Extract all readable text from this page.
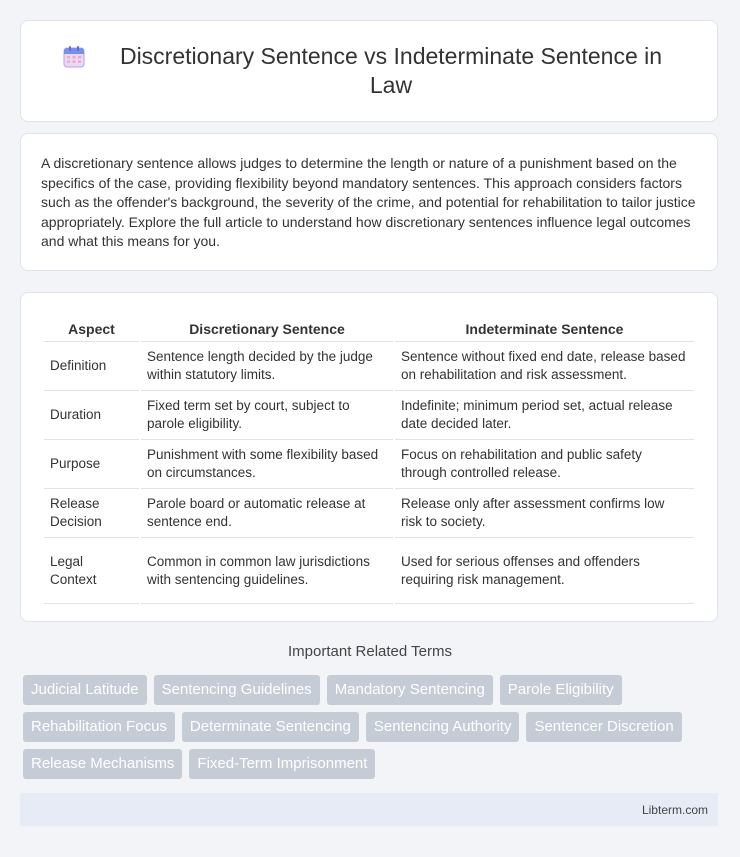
Discretionary Sentence vs Indeterminate Sentence in Law

A discretionary sentence allows judges to determine the length or nature of a punishment based on the specifics of the case, providing flexibility beyond mandatory sentences. This approach considers factors such as the offender's background, the severity of the crime, and potential for rehabilitation to tailor justice appropriately. Explore the full article to understand how discretionary sentences influence legal outcomes and what this means for you.

Aspect	Discretionary Sentence	Indeterminate Sentence
Definition	Sentence length decided by the judge within statutory limits.	Sentence without fixed end date, release based on rehabilitation and risk assessment.
Duration	Fixed term set by court, subject to parole eligibility.	Indefinite; minimum period set, actual release date decided later.
Purpose	Punishment with some flexibility based on circumstances.	Focus on rehabilitation and public safety through controlled release.
Release Decision	Parole board or automatic release at sentence end.	Release only after assessment confirms low risk to society.
Legal Context	Common in common law jurisdictions with sentencing guidelines.	Used for serious offenses and offenders requiring risk management.
Important Related Terms
Judicial Latitude	Sentencing Guidelines	Mandatory Sentencing	Parole Eligibility
Rehabilitation Focus	Determinate Sentencing	Sentencing Authority	Sentencer Discretion
Release Mechanisms	Fixed-Term Imprisonment
Libterm.com
